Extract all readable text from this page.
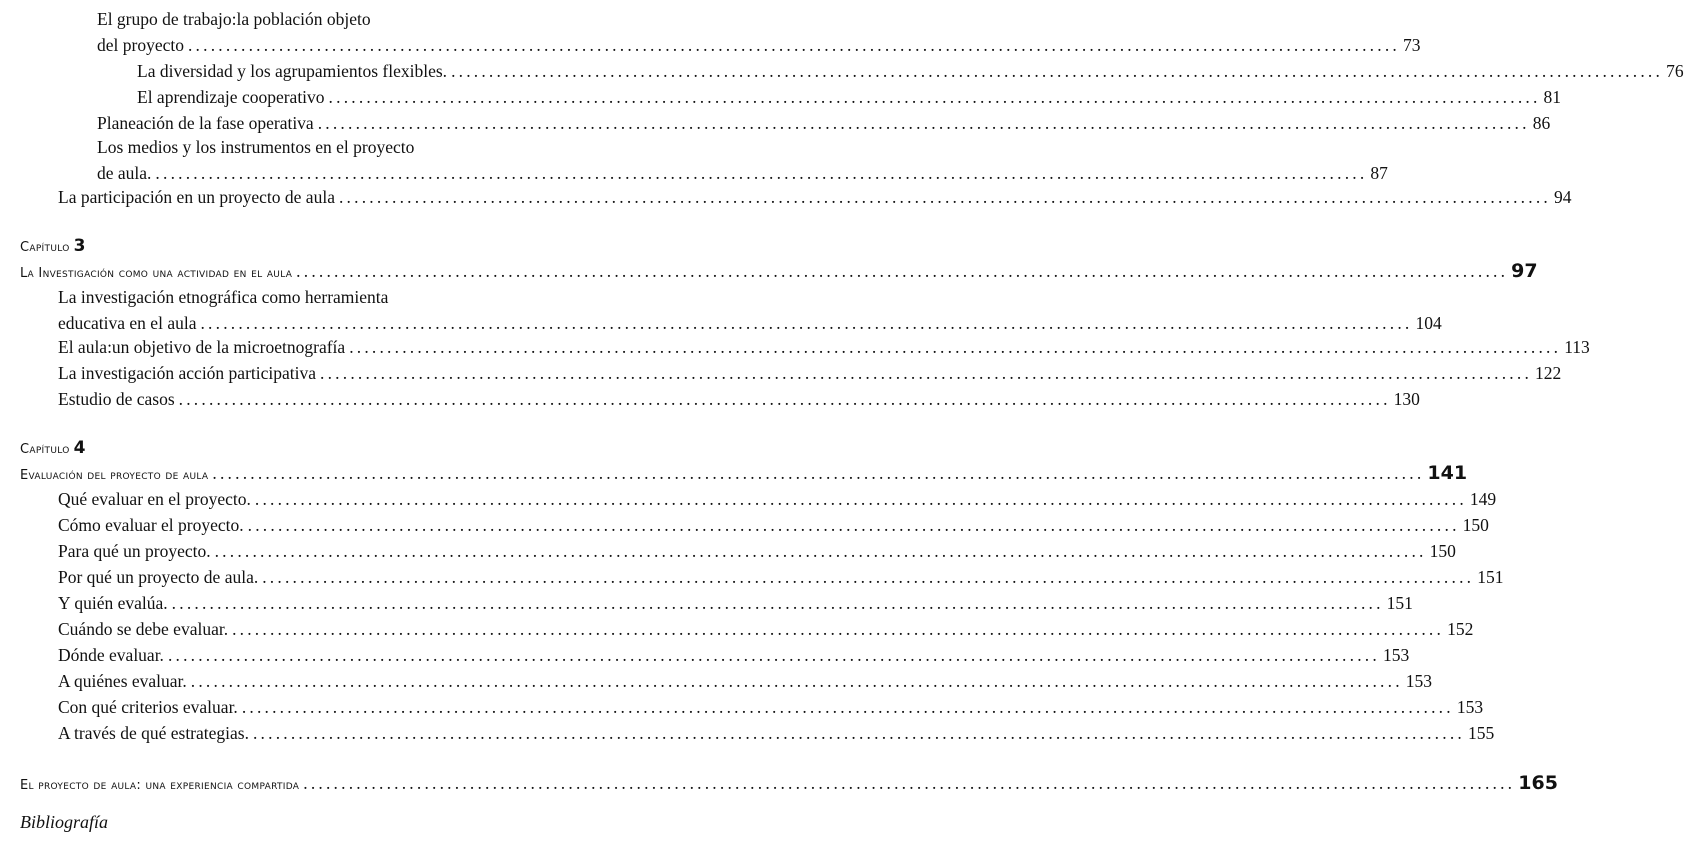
El grupo de trabajo:la población objeto
del proyecto ................................................................................................................................................................ 73
La diversidad y los agrupamientos flexibles. ................................................................................................................................................................ 76
El aprendizaje cooperativo ................................................................................................................................................................ 81
Planeación de la fase operativa ................................................................................................................................................................ 86
Los medios y los instrumentos en el proyecto
de aula. ................................................................................................................................................................ 87
La participación en un proyecto de aula ................................................................................................................................................................ 94
Capítulo 3
La Investigación como una actividad en el aula ................................................................................................................................................................ 97
La investigación etnográfica como herramienta
educativa en el aula ................................................................................................................................................................ 104
El aula:un objetivo de la microetnografía ................................................................................................................................................................ 113
La investigación acción participativa ................................................................................................................................................................ 122
Estudio de casos ................................................................................................................................................................ 130
Capítulo 4
Evaluación del proyecto de aula ................................................................................................................................................................ 141
Qué evaluar en el proyecto. ................................................................................................................................................................ 149
Cómo evaluar el proyecto. ................................................................................................................................................................ 150
Para qué un proyecto. ................................................................................................................................................................ 150
Por qué un proyecto de aula. ................................................................................................................................................................ 151
Y quién evalúa. ................................................................................................................................................................ 151
Cuándo se debe evaluar. ................................................................................................................................................................ 152
Dónde evaluar. ................................................................................................................................................................ 153
A quiénes evaluar. ................................................................................................................................................................ 153
Con qué criterios evaluar. ................................................................................................................................................................ 153
A través de qué estrategias. ................................................................................................................................................................ 155
El proyecto de aula: una experiencia compartida ................................................................................................................................................................ 165
Bibliografía
